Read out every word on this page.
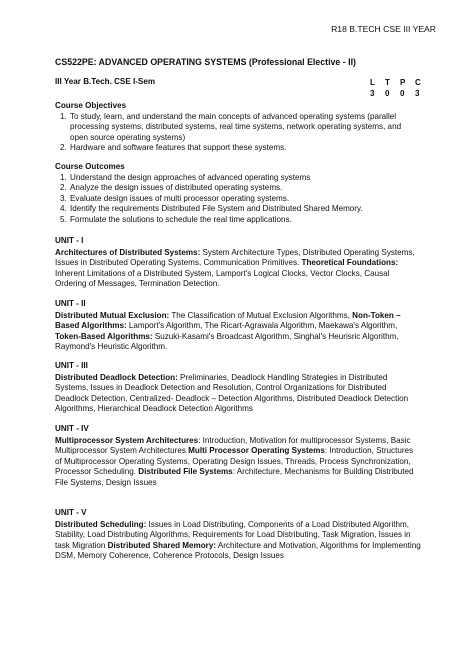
R18 B.TECH CSE III YEAR
CS522PE: ADVANCED OPERATING SYSTEMS (Professional Elective - II)
III Year B.Tech. CSE I-Sem	L T P C
3 0 0 3
Course Objectives
1. To study, learn, and understand the main concepts of advanced operating systems (parallel processing systems, distributed systems, real time systems, network operating systems, and open source operating systems)
2. Hardware and software features that support these systems.
Course Outcomes
1. Understand the design approaches of advanced operating systems
2. Analyze the design issues of distributed operating systems.
3. Evaluate design issues of multi processor operating systems.
4. Identify the requirements Distributed File System and Distributed Shared Memory.
5. Formulate the solutions to schedule the real time applications.
UNIT - I

Architectures of Distributed Systems: System Architecture Types, Distributed Operating Systems, Issues in Distributed Operating Systems, Communication Primitives. Theoretical Foundations: Inherent Limitations of a Distributed System, Lamport's Logical Clocks, Vector Clocks, Causal Ordering of Messages, Termination Detection.

UNIT - II

Distributed Mutual Exclusion: The Classification of Mutual Exclusion Algorithms, Non-Token – Based Algorithms: Lamport's Algorithm, The Ricart-Agrawala Algorithm, Maekawa's Algorithm, Token-Based Algorithms: Suzuki-Kasami's Broadcast Algorithm, Singhal's Heurisric Algorithm, Raymond's Heuristic Algorithm.

UNIT - III

Distributed Deadlock Detection: Preliminaries, Deadlock Handling Strategies in Distributed Systems, Issues in Deadlock Detection and Resolution, Control Organizations for Distributed Deadlock Detection, Centralized- Deadlock – Detection Algorithms, Distributed Deadlock Detection Algorithms, Hierarchical Deadlock Detection Algorithms

UNIT - IV

Multiprocessor System Architectures: Introduction, Motivation for multiprocessor Systems, Basic Multiprocessor System Architectures Multi Processor Operating Systems: Introduction, Structures of Multiprocessor Operating Systems, Operating Design Issues, Threads, Process Synchronization, Processor Scheduling. Distributed File Systems: Architecture, Mechanisms for Building Distributed File Systems, Design Issues

UNIT - V

Distributed Scheduling: Issues in Load Distributing, Components of a Load Distributed Algorithm, Stability, Load Distributing Algorithms, Requirements for Load Distributing, Task Migration, Issues in task Migration Distributed Shared Memory: Architecture and Motivation, Algorithms for Implementing DSM, Memory Coherence, Coherence Protocols, Design Issues
